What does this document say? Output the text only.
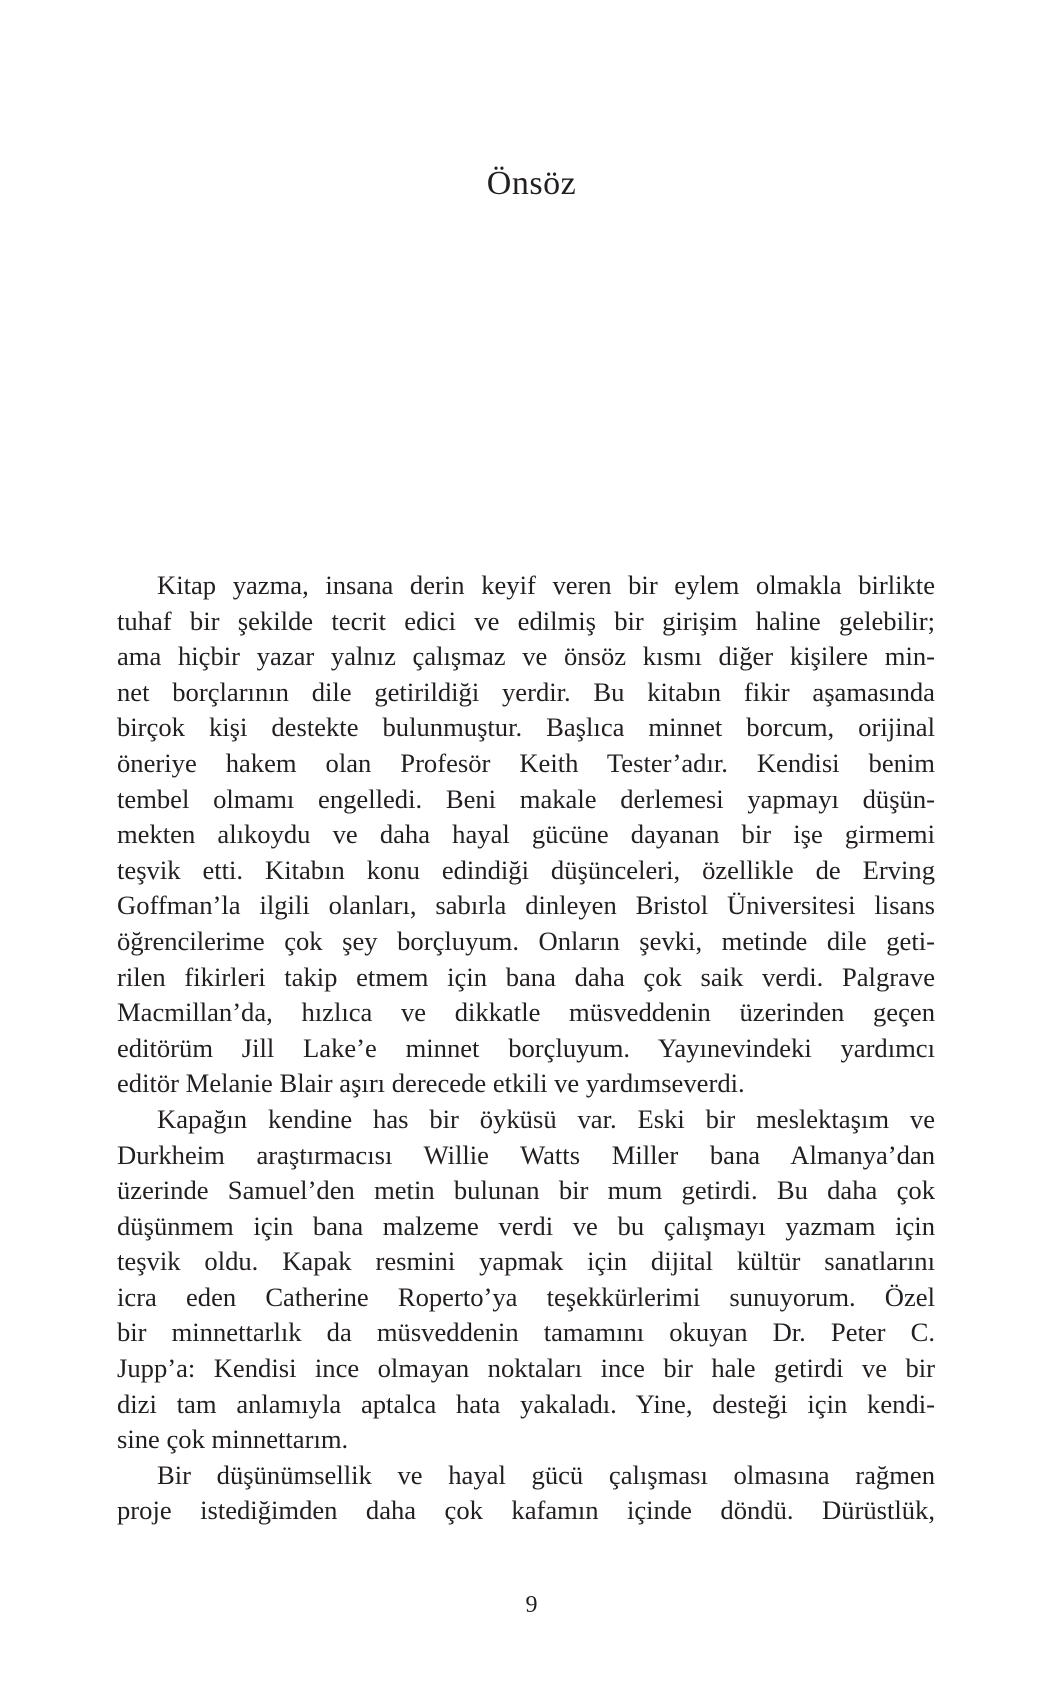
Önsöz
Kitap yazma, insana derin keyif veren bir eylem olmakla birlikte
tuhaf bir şekilde tecrit edici ve edilmiş bir girişim haline gelebilir;
ama hiçbir yazar yalnız çalışmaz ve önsöz kısmı diğer kişilere min-
net borçlarının dile getirildiği yerdir. Bu kitabın fikir aşamasında
birçok kişi destekte bulunmuştur. Başlıca minnet borcum, orijinal
öneriye hakem olan Profesör Keith Tester’adır. Kendisi benim
tembel olmamı engelledi. Beni makale derlemesi yapmayı düşün-
mekten alıkoydu ve daha hayal gücüne dayanan bir işe girmemi
teşvik etti. Kitabın konu edindiği düşünceleri, özellikle de Erving
Goffman’la ilgili olanları, sabırla dinleyen Bristol Üniversitesi lisans
öğrencilerime çok şey borçluyum. Onların şevki, metinde dile geti-
rilen fikirleri takip etmem için bana daha çok saik verdi. Palgrave
Macmillan’da, hızlıca ve dikkatle müsveddenin üzerinden geçen
editörüm Jill Lake’e minnet borçluyum. Yayınevindeki yardımcı
editör Melanie Blair aşırı derecede etkili ve yardımseverdi.
Kapağın kendine has bir öyküsü var. Eski bir meslektaşım ve
Durkheim araştırmacısı Willie Watts Miller bana Almanya’dan
üzerinde Samuel’den metin bulunan bir mum getirdi. Bu daha çok
düşünmem için bana malzeme verdi ve bu çalışmayı yazmam için
teşvik oldu. Kapak resmini yapmak için dijital kültür sanatlarını
icra eden Catherine Roperto’ya teşekkürlerimi sunuyorum. Özel
bir minnettarlık da müsveddenin tamamını okuyan Dr. Peter C.
Jupp’a: Kendisi ince olmayan noktaları ince bir hale getirdi ve bir
dizi tam anlamıyla aptalca hata yakaladı. Yine, desteği için kendi-
sine çok minnettarım.
Bir düşünümsellik ve hayal gücü çalışması olmasına rağmen
proje istediğimden daha çok kafamın içinde döndü. Dürüstlük,
9
